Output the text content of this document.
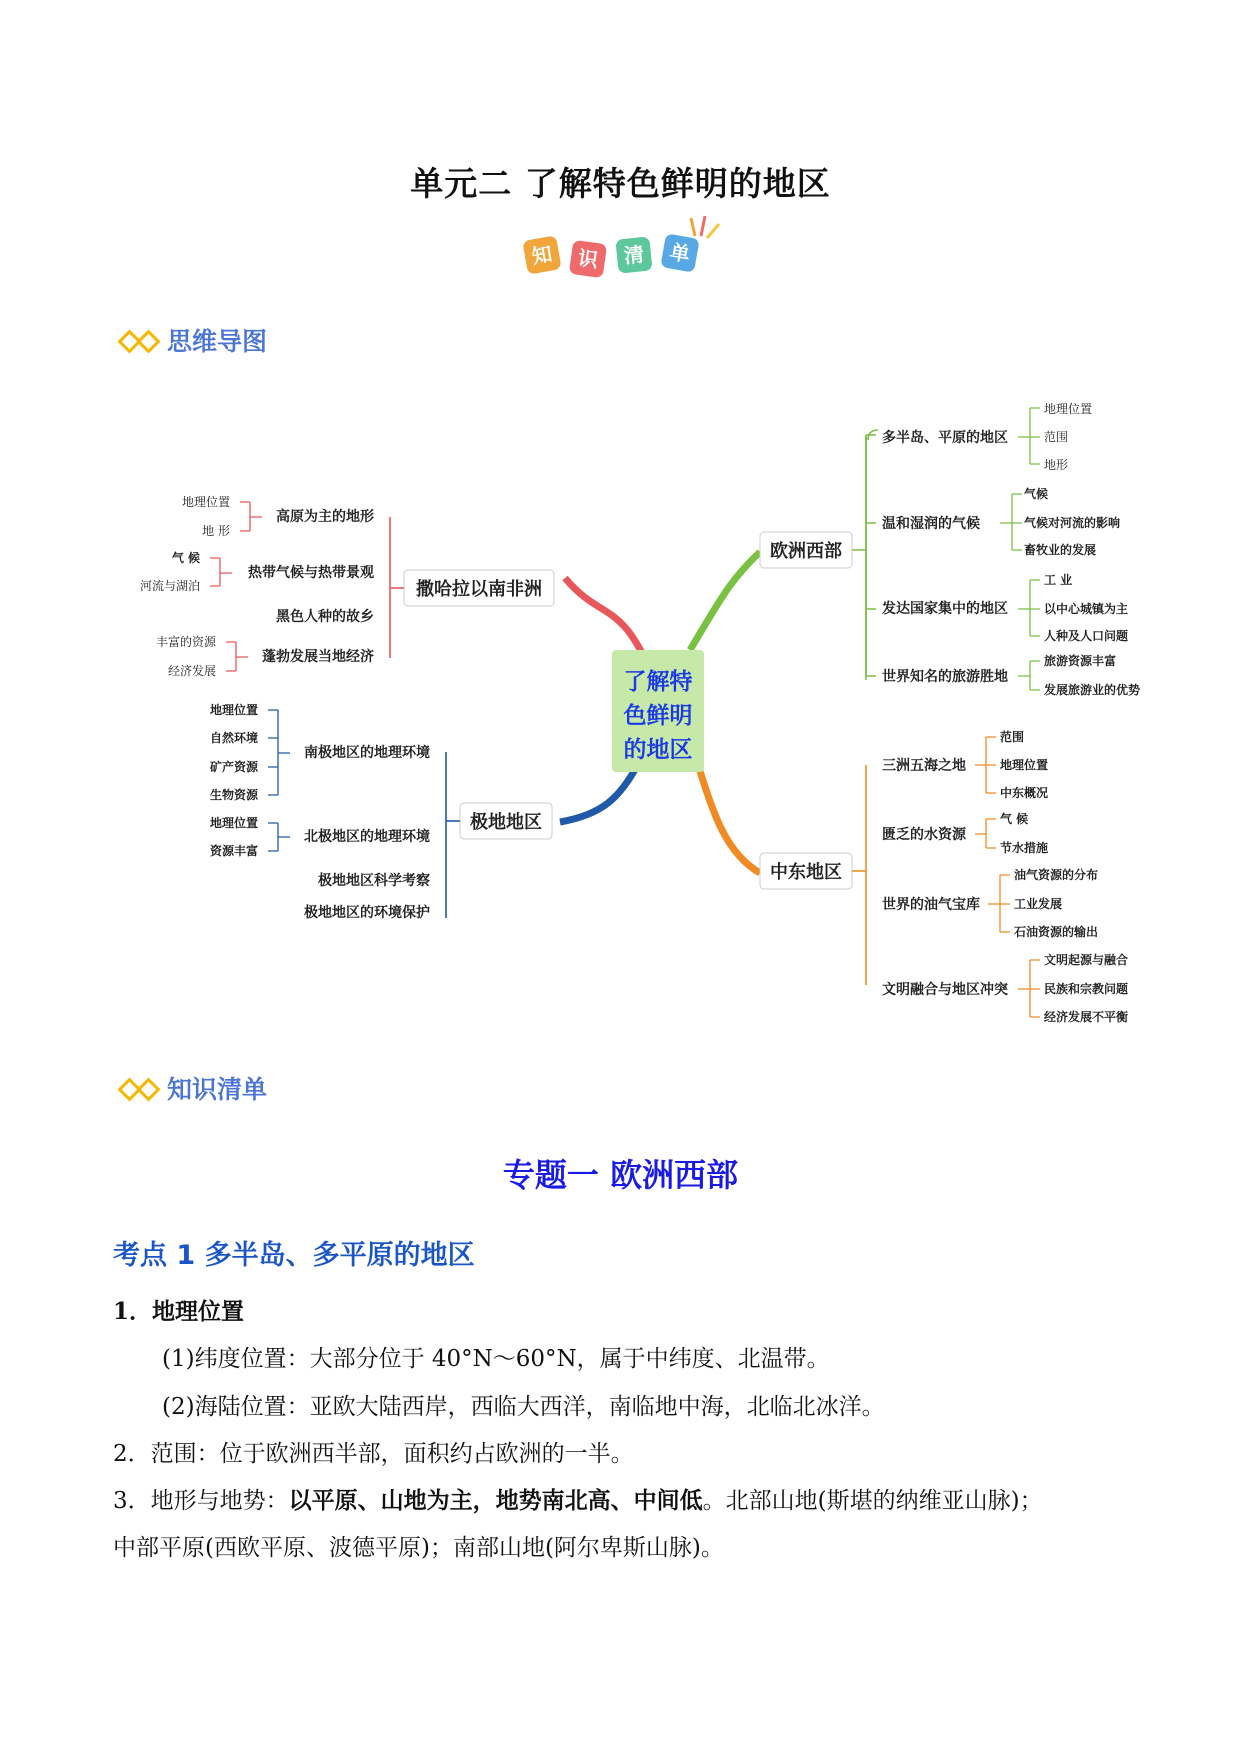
单元二 了解特色鲜明的地区
知	识	清	单
思维导图
了解特
色鲜明
的地区
欧洲西部
多半岛、平原的地区
温和湿润的气候
发达国家集中的地区
世界知名的旅游胜地
地理位置
范围
地形
气候
气候对河流的影响
畜牧业的发展
工 业
以中心城镇为主
人种及人口问题
旅游资源丰富
发展旅游业的优势
中东地区
三洲五海之地
匮乏的水资源
世界的油气宝库
文明融合与地区冲突
范围
地理位置
中东概况
气 候
节水措施
油气资源的分布
工业发展
石油资源的输出
文明起源与融合
民族和宗教问题
经济发展不平衡
撒哈拉以南非洲
高原为主的地形
热带气候与热带景观
黑色人种的故乡
蓬勃发展当地经济
地理位置
地 形
气 候
河流与湖泊
丰富的资源
经济发展
极地地区
南极地区的地理环境
北极地区的地理环境
极地地区科学考察
极地地区的环境保护
地理位置
自然环境
矿产资源
生物资源
地理位置
资源丰富
知识清单
专题一 欧洲西部
考点 1 多半岛、多平原的地区
1．地理位置
(1)纬度位置：大部分位于 40°N～60°N，属于中纬度、北温带。
(2)海陆位置：亚欧大陆西岸，西临大西洋，南临地中海，北临北冰洋。
2．范围：位于欧洲西半部，面积约占欧洲的一半。
3．地形与地势：以平原、山地为主，地势南北高、中间低。北部山地(斯堪的纳维亚山脉)；
中部平原(西欧平原、波德平原)；南部山地(阿尔卑斯山脉)。
